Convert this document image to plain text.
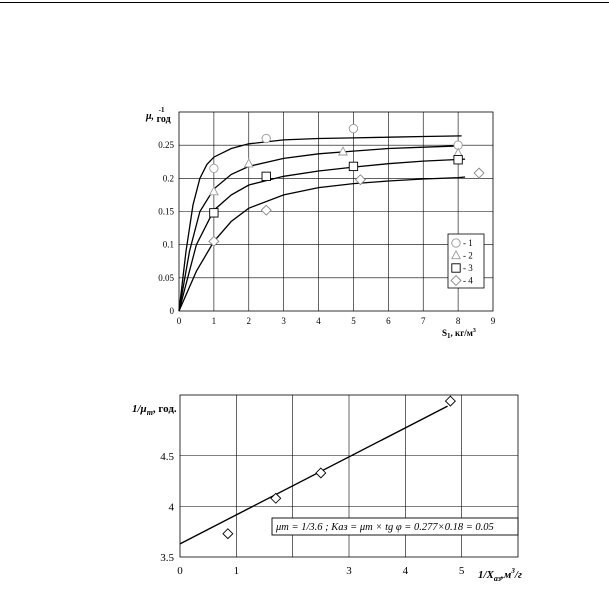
0	1	2	3	4	5	6	7	8	9
0
0.05
0.1
0.15
0.2
0.25
- 1
- 2
- 3
- 4
μ, год-1
$S_1$, $кг/м^3$
0	1	3	4	5
3.5
4
4.5
μm = 1/3.6 ; Каз = μm × tg φ = 0.277×0.18 = 0.05
$1/\mu_m$, год.
$1/X_{аз},м^3/г$
